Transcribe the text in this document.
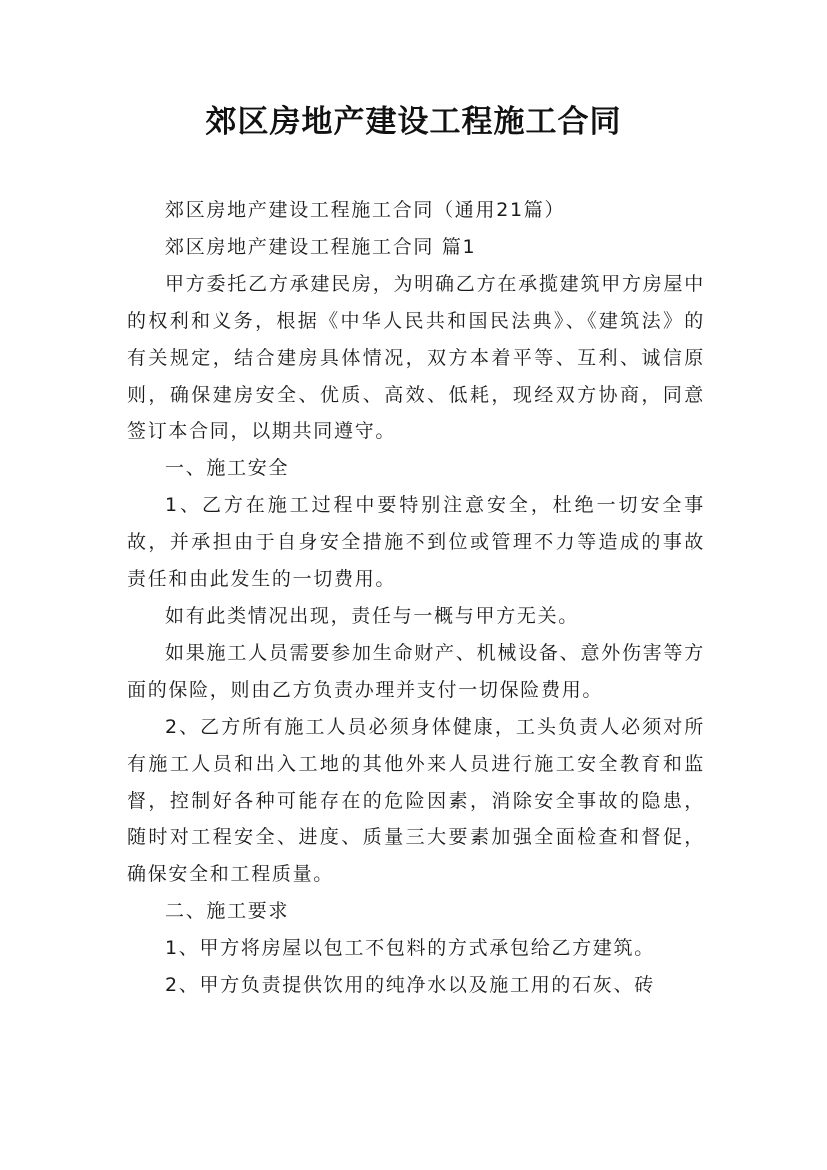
郊区房地产建设工程施工合同

郊区房地产建设工程施工合同（通用21篇）

郊区房地产建设工程施工合同 篇1

甲方委托乙方承建民房，为明确乙方在承揽建筑甲方房屋中的权利和义务，根据《中华人民共和国民法典》、《建筑法》的有关规定，结合建房具体情况，双方本着平等、互利、诚信原则，确保建房安全、优质、高效、低耗，现经双方协商，同意签订本合同，以期共同遵守。

一、施工安全

1、乙方在施工过程中要特别注意安全，杜绝一切安全事故，并承担由于自身安全措施不到位或管理不力等造成的事故责任和由此发生的一切费用。

如有此类情况出现，责任与一概与甲方无关。

如果施工人员需要参加生命财产、机械设备、意外伤害等方面的保险，则由乙方负责办理并支付一切保险费用。

2、乙方所有施工人员必须身体健康，工头负责人必须对所有施工人员和出入工地的其他外来人员进行施工安全教育和监督，控制好各种可能存在的危险因素，消除安全事故的隐患，随时对工程安全、进度、质量三大要素加强全面检查和督促，确保安全和工程质量。

二、施工要求

1、甲方将房屋以包工不包料的方式承包给乙方建筑。

2、甲方负责提供饮用的纯净水以及施工用的石灰、砖
